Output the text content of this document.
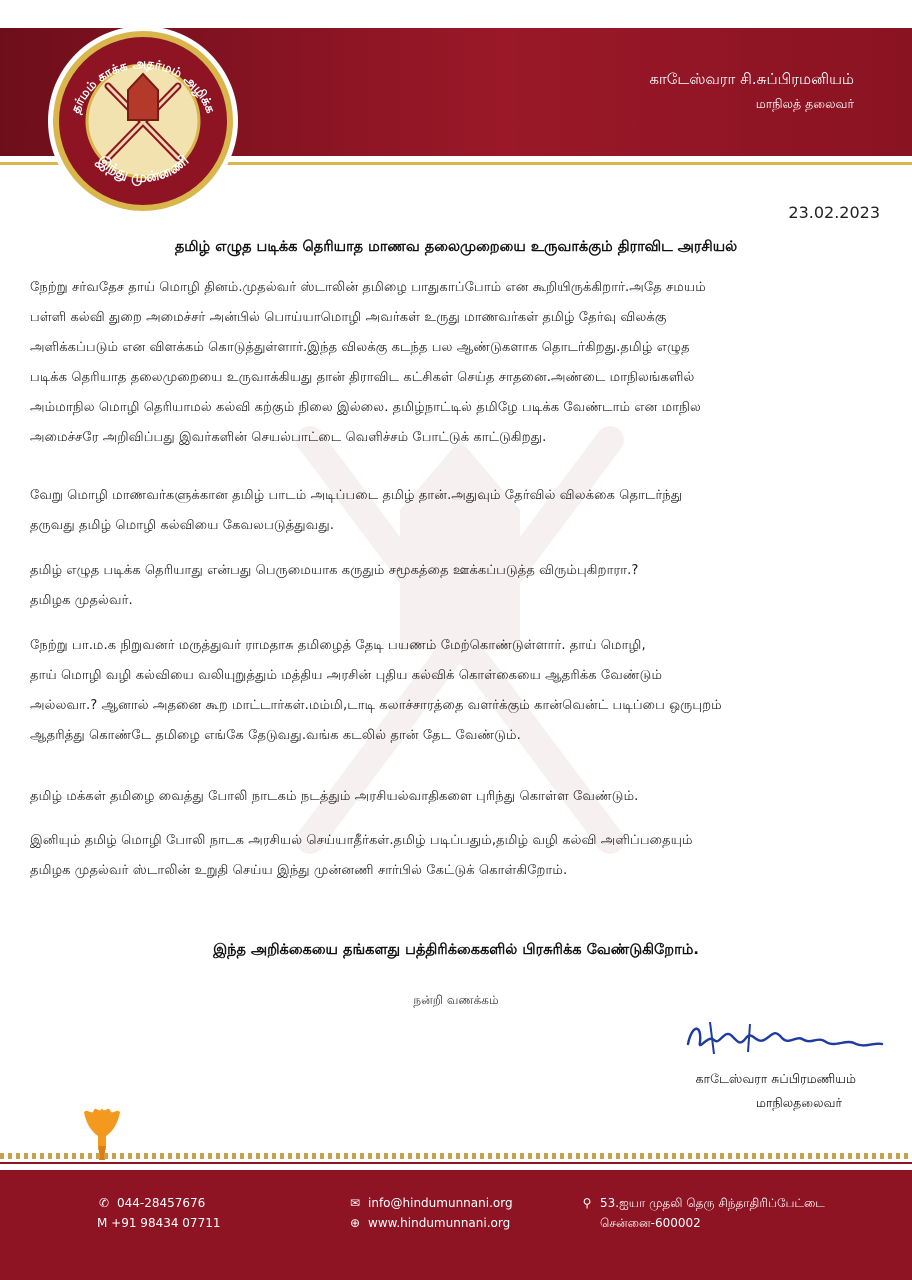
தர்மம் காக்க அதர்மம் அழிக்க
இந்து முன்னணி
காடேஸ்வரா சி.சுப்பிரமனியம்
மாநிலத் தலைவர்
23.02.2023
தமிழ் எழுத படிக்க தெரியாத மாணவ தலைமுறையை உருவாக்கும் திராவிட அரசியல்
நேற்று சர்வதேச தாய் மொழி தினம்.முதல்வர் ஸ்டாலின் தமிழை பாதுகாப்போம் என கூறியிருக்கிறார்.அதே சமயம்
பள்ளி கல்வி துறை அமைச்சர் அன்பில் பொய்யாமொழி அவர்கள் உருது மாணவர்கள் தமிழ் தேர்வு விலக்கு
அளிக்கப்படும் என விளக்கம் கொடுத்துள்ளார்.இந்த விலக்கு கடந்த பல ஆண்டுகளாக தொடர்கிறது.தமிழ் எழுத
படிக்க தெரியாத தலைமுறையை உருவாக்கியது தான் திராவிட கட்சிகள் செய்த சாதனை.அண்டை மாநிலங்களில்
அம்மாநில மொழி தெரியாமல் கல்வி கற்கும் நிலை இல்லை. தமிழ்நாட்டில் தமிழே படிக்க வேண்டாம் என மாநில
அமைச்சரே அறிவிப்பது இவர்களின் செயல்பாட்டை வெளிச்சம் போட்டுக் காட்டுகிறது.
வேறு மொழி மாணவர்களுக்கான தமிழ் பாடம் அடிப்படை தமிழ் தான்.அதுவும் தேர்வில் விலக்கை தொடர்ந்து
தருவது தமிழ் மொழி கல்வியை கேவலபடுத்துவது.
தமிழ் எழுத படிக்க தெரியாது என்பது பெருமையாக கருதும் சமூகத்தை ஊக்கப்படுத்த விரும்புகிறாரா.?
தமிழக முதல்வர்.
நேற்று பா.ம.க நிறுவனர் மருத்துவர் ராமதாசு தமிழைத் தேடி பயணம் மேற்கொண்டுள்ளார். தாய் மொழி,
தாய் மொழி வழி கல்வியை வலியுறுத்தும் மத்திய அரசின் புதிய கல்விக் கொள்கையை ஆதரிக்க வேண்டும்
அல்லவா.? ஆனால் அதனை கூற மாட்டார்கள்.மம்மி,டாடி கலாச்சாரத்தை வளர்க்கும் கான்வென்ட் படிப்பை ஒருபுறம்
ஆதரித்து கொண்டே தமிழை எங்கே தேடுவது.வங்க கடலில் தான் தேட வேண்டும்.
தமிழ் மக்கள் தமிழை வைத்து போலி நாடகம் நடத்தும் அரசியல்வாதிகளை புரிந்து கொள்ள வேண்டும்.
இனியும் தமிழ் மொழி போலி நாடக அரசியல் செய்யாதீர்கள்.தமிழ் படிப்பதும்,தமிழ் வழி கல்வி அளிப்பதையும்
தமிழக முதல்வர் ஸ்டாலின் உறுதி செய்ய இந்து முன்னணி சார்பில் கேட்டுக் கொள்கிறோம்.
இந்த அறிக்கையை தங்களது பத்திரிக்கைகளில் பிரசுரிக்க வேண்டுகிறோம்.
நன்றி வணக்கம்
காடேஸ்வரா சுப்பிரமணியம்
மாநிலதலைவர்
✆ 044-28457676
M +91 98434 07711
✉ info@hindumunnani.org
⊕ www.hindumunnani.org
⚲ 53.ஐயா முதலி தெரு சிந்தாதிரிப்பேட்டை
சென்னை-600002
